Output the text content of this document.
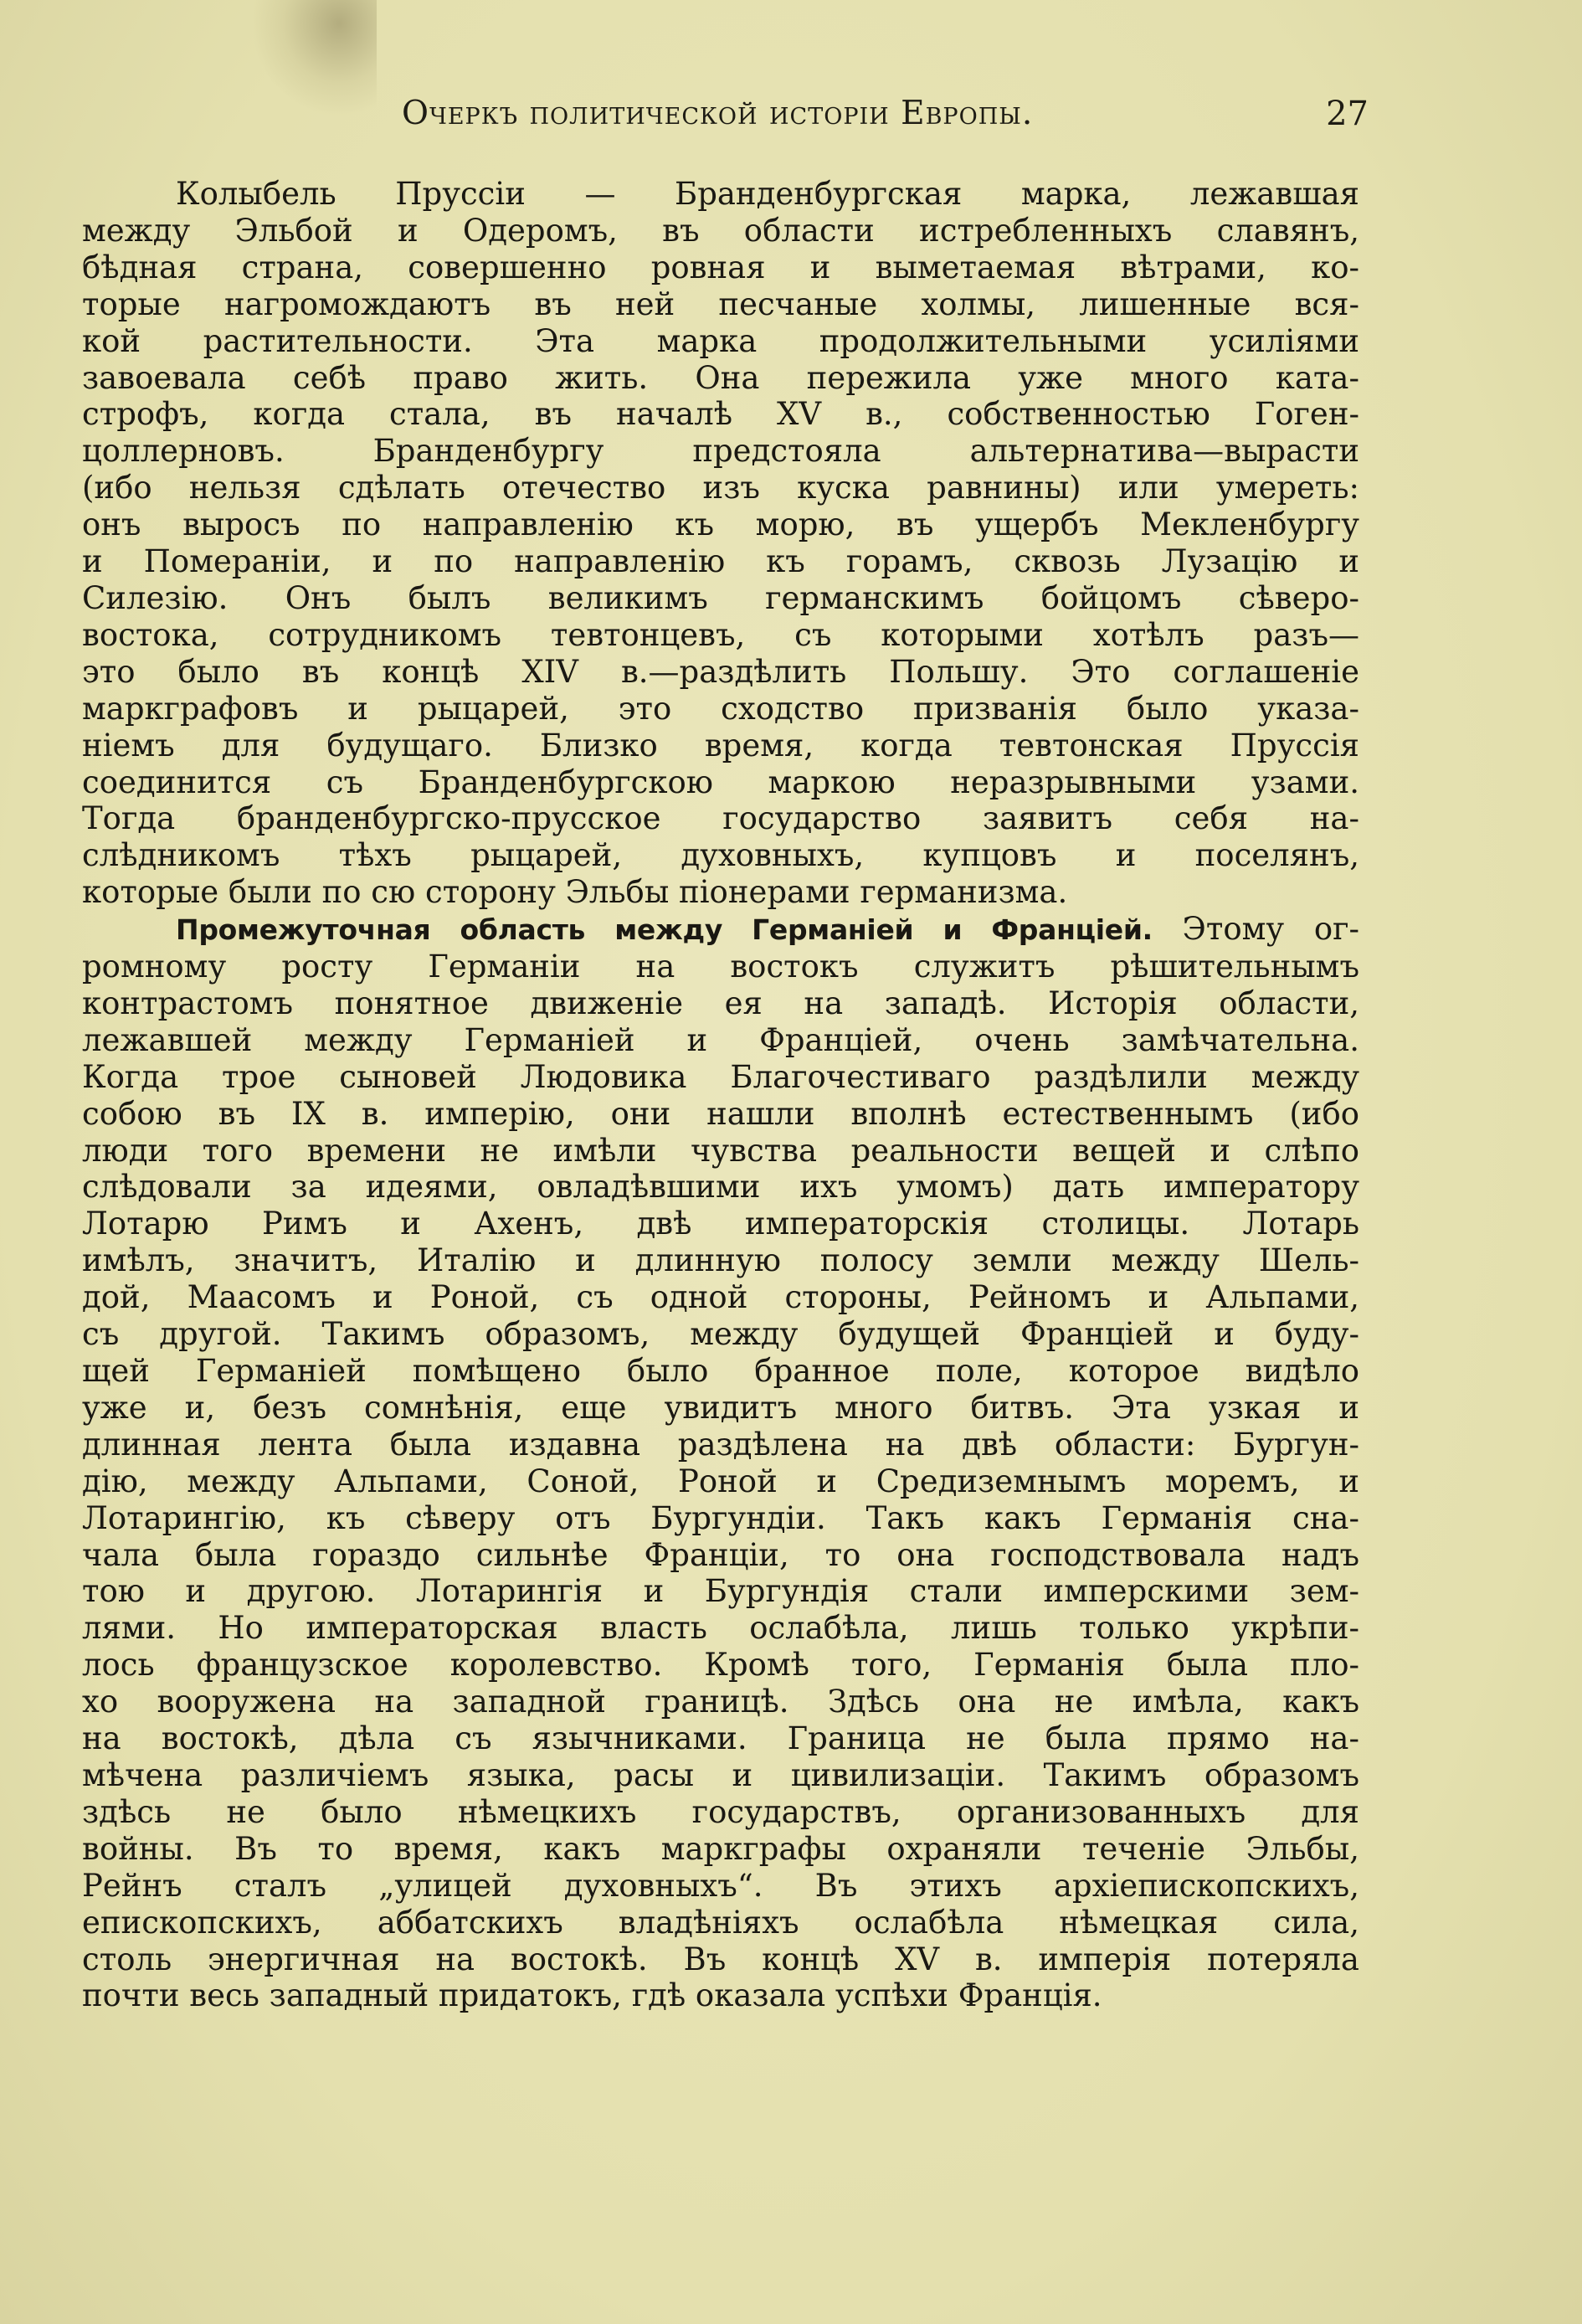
Очеркъ политической исторіи Европы.	27

Колыбель Пруссіи — Бранденбургская марка, лежавшая
между Эльбой и Одеромъ, въ области истребленныхъ славянъ,
бѣдная страна, совершенно ровная и выметаемая вѣтрами, ко-
торые нагромождаютъ въ ней песчаные холмы, лишенные вся-
кой растительности. Эта марка продолжительными усиліями
завоевала себѣ право жить. Она пережила уже много ката-
строфъ, когда стала, въ началѣ XV в., собственностью Гоген-
цоллерновъ. Бранденбургу предстояла альтернатива—вырасти
(ибо нельзя сдѣлать отечество изъ куска равнины) или умереть:
онъ выросъ по направленію къ морю, въ ущербъ Мекленбургу
и Помераніи, и по направленію къ горамъ, сквозь Лузацію и
Силезію. Онъ былъ великимъ германскимъ бойцомъ сѣверо-
востока, сотрудникомъ тевтонцевъ, съ которыми хотѣлъ разъ—
это было въ концѣ XIV в.—раздѣлить Польшу. Это соглашеніе
маркграфовъ и рыцарей, это сходство призванія было указа-
ніемъ для будущаго. Близко время, когда тевтонская Пруссія
соединится съ Бранденбургскою маркою неразрывными узами.
Тогда бранденбургско-прусское государство заявитъ себя на-
слѣдникомъ тѣхъ рыцарей, духовныхъ, купцовъ и поселянъ,
которые были по сю сторону Эльбы піонерами германизма.

Промежуточная область между Германіей и Франціей. Этому ог-
ромному росту Германіи на востокъ служитъ рѣшительнымъ
контрастомъ понятное движеніе ея на западѣ. Исторія области,
лежавшей между Германіей и Франціей, очень замѣчательна.
Когда трое сыновей Людовика Благочестиваго раздѣлили между
собою въ IX в. имперію, они нашли вполнѣ естественнымъ (ибо
люди того времени не имѣли чувства реальности вещей и слѣпо
слѣдовали за идеями, овладѣвшими ихъ умомъ) дать императору
Лотарю Римъ и Ахенъ, двѣ императорскія столицы. Лотарь
имѣлъ, значитъ, Италію и длинную полосу земли между Шель-
дой, Маасомъ и Роной, съ одной стороны, Рейномъ и Альпами,
съ другой. Такимъ образомъ, между будущей Франціей и буду-
щей Германіей помѣщено было бранное поле, которое видѣло
уже и, безъ сомнѣнія, еще увидитъ много битвъ. Эта узкая и
длинная лента была издавна раздѣлена на двѣ области: Бургун-
дію, между Альпами, Соной, Роной и Средиземнымъ моремъ, и
Лотарингію, къ сѣверу отъ Бургундіи. Такъ какъ Германія сна-
чала была гораздо сильнѣе Франціи, то она господствовала надъ
тою и другою. Лотарингія и Бургундія стали имперскими зем-
лями. Но императорская власть ослабѣла, лишь только укрѣпи-
лось французское королевство. Кромѣ того, Германія была пло-
хо вооружена на западной границѣ. Здѣсь она не имѣла, какъ
на востокѣ, дѣла съ язычниками. Граница не была прямо на-
мѣчена различіемъ языка, расы и цивилизаціи. Такимъ образомъ
здѣсь не было нѣмецкихъ государствъ, организованныхъ для
войны. Въ то время, какъ маркграфы охраняли теченіе Эльбы,
Рейнъ сталъ „улицей духовныхъ“. Въ этихъ архіепископскихъ,
епископскихъ, аббатскихъ владѣніяхъ ослабѣла нѣмецкая сила,
столь энергичная на востокѣ. Въ концѣ XV в. имперія потеряла
почти весь западный придатокъ, гдѣ оказала успѣхи Франція.
